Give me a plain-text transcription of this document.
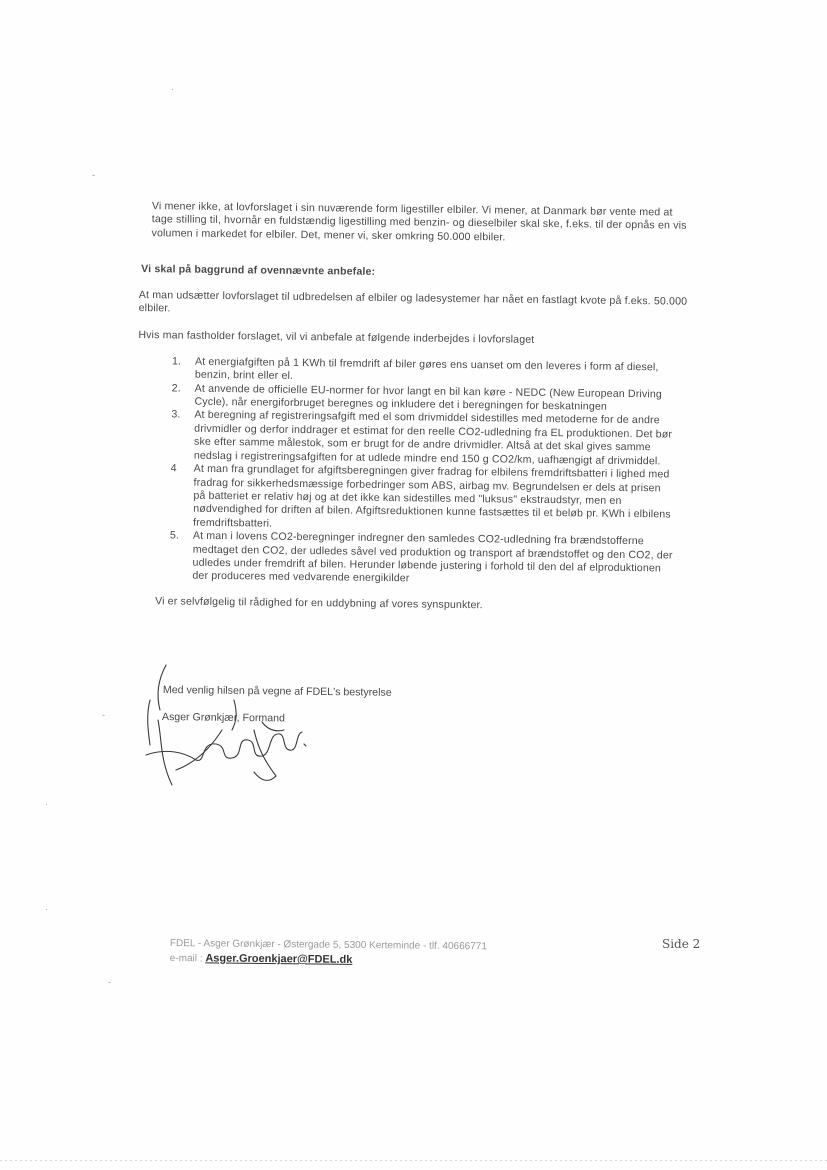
-
·
·
-
·
-

Vi mener ikke, at lovforslaget i sin nuværende form ligestiller elbiler. Vi mener, at Danmark bør vente med at tage stilling til, hvornår en fuldstændig ligestilling med benzin- og dieselbiler skal ske, f.eks. til der opnås en vis volumen i markedet for elbiler. Det, mener vi, sker omkring 50.000 elbiler.

Vi skal på baggrund af ovennævnte anbefale:

At man udsætter lovforslaget til udbredelsen af elbiler og ladesystemer har nået en fastlagt kvote på f.eks. 50.000 elbiler.

Hvis man fastholder forslaget, vil vi anbefale at følgende inderbejdes i lovforslaget

1. At energiafgiften på 1 KWh til fremdrift af biler gøres ens uanset om den leveres i form af diesel, benzin, brint eller el.
2. At anvende de officielle EU-normer for hvor langt en bil kan køre - NEDC (New European Driving Cycle), når energiforbruget beregnes og inkludere det i beregningen for beskatningen
3. At beregning af registreringsafgift med el som drivmiddel sidestilles med metoderne for de andre drivmidler og derfor inddrager et estimat for den reelle CO2-udledning fra EL produktionen. Det bør ske efter samme målestok, som er brugt for de andre drivmidler. Altså at det skal gives samme nedslag i registreringsafgiften for at udlede mindre end 150 g CO2/km, uafhængigt af drivmiddel.
4 At man fra grundlaget for afgiftsberegningen giver fradrag for elbilens fremdriftsbatteri i lighed med fradrag for sikkerhedsmæssige forbedringer som ABS, airbag mv. Begrundelsen er dels at prisen på batteriet er relativ høj og at det ikke kan sidestilles med "luksus" ekstraudstyr, men en nødvendighed for driften af bilen. Afgiftsreduktionen kunne fastsættes til et beløb pr. KWh i elbilens fremdriftsbatteri.
5. At man i lovens CO2-beregninger indregner den samledes CO2-udledning fra brændstofferne medtaget den CO2, der udledes såvel ved produktion og transport af brændstoffet og den CO2, der udledes under fremdrift af bilen. Herunder løbende justering i forhold til den del af elproduktionen der produceres med vedvarende energikilder

Vi er selvfølgelig til rådighed for en uddybning af vores synspunkter.

Med venlig hilsen på vegne af FDEL's bestyrelse
Asger Grønkjær, Formand
FDEL - Asger Grønkjær - Østergade 5, 5300 Kerteminde - tlf. 40666771
e-mail : Asger.Groenkjaer@FDEL.dk
Side 2
